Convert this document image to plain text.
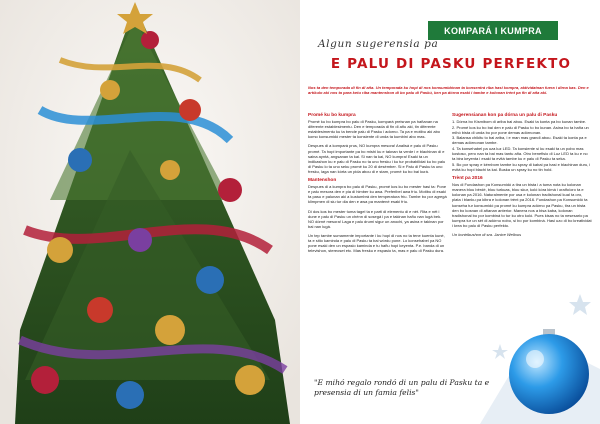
KOMPARÁ I KUMPRA
Algun sugerensia pa
E PALU DI PASKU PERFEKTO
Nos ta den temporada di fin di aña. Un temporada ku hopi di nos konsumidónan ta konsentrá riba hasi kompra, aktividatnan fuera i dirna kas. Den e artíkulo aki nos ta para ketu riba mantenshon di bo palu di Paskú, ken pa dórna esaki i tambe e kolonan trènt pa fin di aña aki.
Promé ku bo kumpra

Promé ku bo kumpra bo palu di Pasku, kompará preisnan pa hañanan na diferente establesimentu. Den e temporada di fin di añu aki, tin diferente establesimentu ku ta bende palu di Pasku i adorno. Ta pa e motibu aki abo komo konsumidó mester ta konsiente di unda ta kumbiní abo mas.

Despues di a kompará prus, NO kumpra mesora! Analisá e palu di Pasku promé. Ta hopi importante pa bo mishi ku e taknan ta verde i e blachinan di e saina ayntá, angsanan ta kai. Si nan ta kai, NO kumpra! Esaki ta un indikashon ku e palu di Pasku no ta uno fresku i ku tur probabilidat ku bo palu di Pasku lo ta uno seku promé ku 20 di desèmber. Si e Palu di Pasku ta uno fresku, laga nan kòrta un pida abou di e stam, promé ku bo bai kurá.

Mantenshon

Despues di a kumpra bo palu di Pasku, promé kos ku bo mester hasi ta: Pone e palu mesora den e pia di himber ku awa. Preferibel awa fríu. Motibu di esaki ta pasu e palunan aki a kustumbrá den temperatura fríu. Tambe bo por agregá klimpmen di siu tur dia den e awa pa mantené esaki fríu.

Di dos kos bo mester tuma tagel ta e parti di elementu di e nèt. Rita e nèt i dune e palu di Pasku un chènn di sosegá i pa e takinan hañu nan lugá bek. NO dòrnè mesora! Laga e palu drumi sigur un anochi, ya asina e takinan por bai nan lugá.

Un tep tambe sumamente importante i ku hopi di nos no ta tene kuenta kunè, ta e sitio kaminda e palu di Pasku ta bai wòrdu pone. Lo konsehabel pa NO pone esaki den un espasio kaminda e tu hañu hopi keyenta. P.e. banda di un televishon, stereoset etc. Mas fresku e espasio ta, mas e palu di Pasku dura.

Sugerensianan kon pa dórna un palu di Pasku
1. Dòrna bo Kismibom di ariba bai abou. Esaki ta konta pa bo kunan tambe.
2. Promé kos ku bo bai den e palu di Pasku to bo kunan. Asina bo ta haña un mihó bista di unda bo por pone demas adórnonan.
3. Balansa chikitu to bai ariba, i e man mas grandi abou. Esaki ta konta pa e demas adórnonan tambe.
4. Ta konsehabel pa uza luz LED. Ta konsiente si ku esaki ta un pobo mas kostoso, pero nan ta bai mas tantu aña. Otro benefisio di Luz LED ta ku e no ta bira keyenta i esaki ta evitá tambe ku e palu di Pasku ta seka.
5. Bo por spray e kérnbom tambe ku spray di kabai pa hasi e blachinan duru, i evitá ku hopi blachi ta kai. Buska un spray ku no tin hold.
Trènt pa 2016

Nos di Fundashon pa Konsumidó a tira un bista i a tuma nota ku kolonan manera blou bèrdè, blou turkuas, blou skur, koló kòra kimá i oralfo/oro ta e kolonan pa 2016. Naturalmente por usa e kolonan tradishonal kual ta oro, plata i blanku pa kibra e kolonan trènt pa 2016. Fundashon pa Konsumidó ta konseha tur konsumidó pa promé ku kumpra adórno pa Pasku, tira un bista den bo kosnan di añanan anterior. Manera nos a bisa kaba, kolonan tradishonal bo por kombiná to tur ku otro koló. Pues kisas no ta nesesario pa kumpra tur un sèt di adórno nobo, si bo por kombiná. Hasi uzo di bo kreatividat i krea bo palu di Pasku perfekto.

Un kontribushon di sra. Janice Wellous
"E mihó regalo rondó di un palu di Pasku ta e presensia di un famia felis"
